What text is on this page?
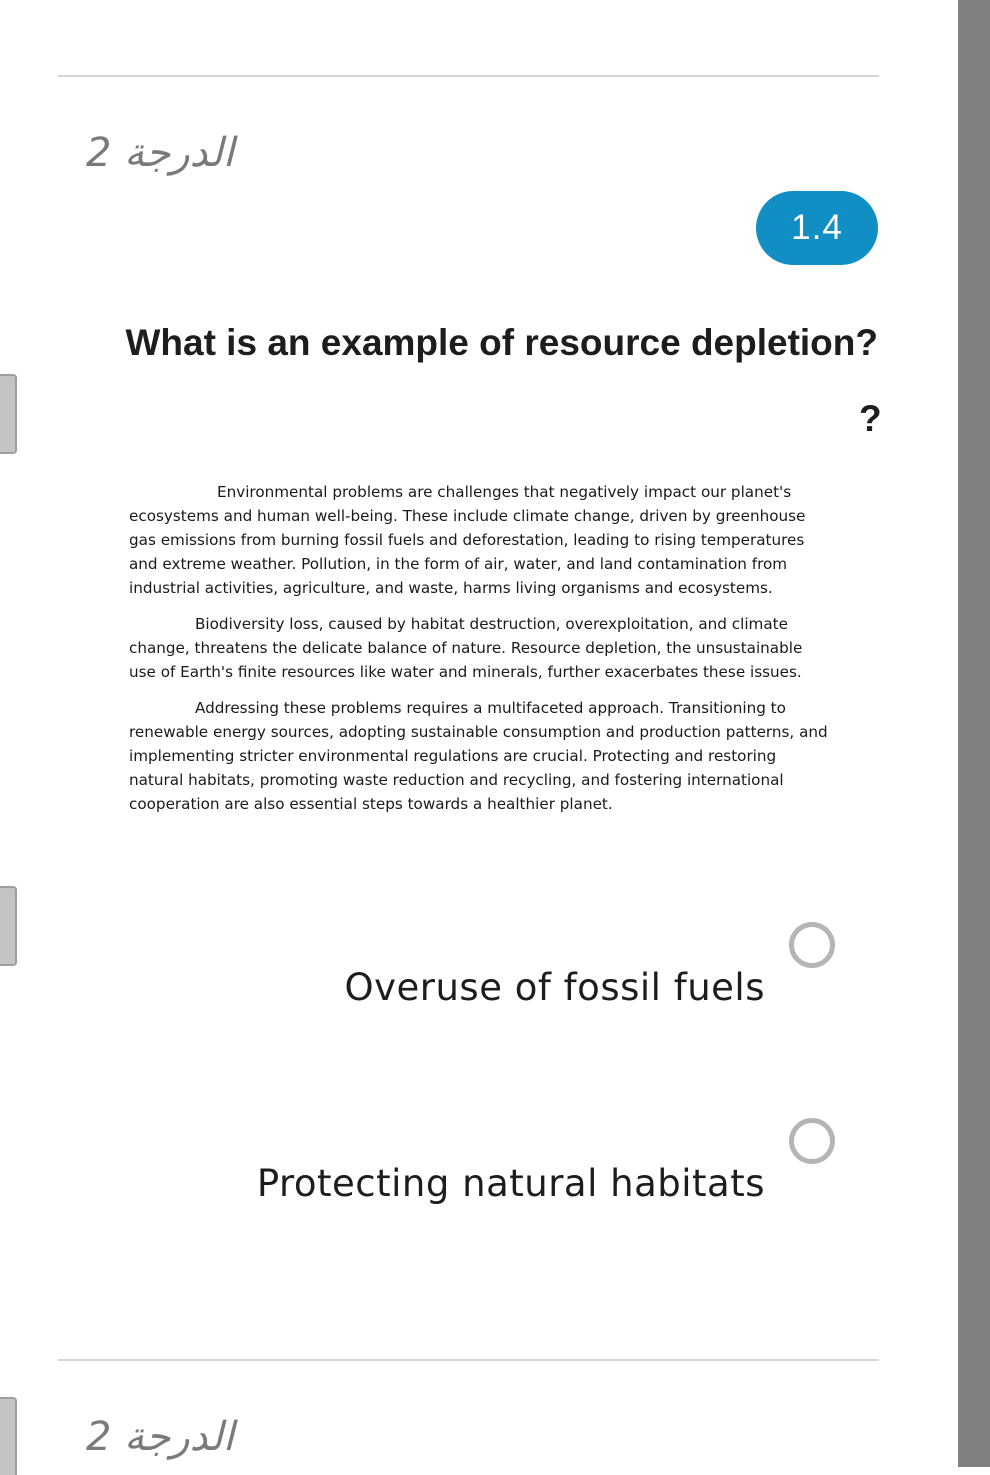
الدرجة 2
1.4
What is an example of resource depletion?
?

Environmental problems are challenges that negatively impact our planet's ecosystems and human well-being. These include climate change, driven by greenhouse gas emissions from burning fossil fuels and deforestation, leading to rising temperatures and extreme weather. Pollution, in the form of air, water, and land contamination from industrial activities, agriculture, and waste, harms living organisms and ecosystems.

Biodiversity loss, caused by habitat destruction, overexploitation, and climate change, threatens the delicate balance of nature. Resource depletion, the unsustainable use of Earth's finite resources like water and minerals, further exacerbates these issues.

Addressing these problems requires a multifaceted approach. Transitioning to renewable energy sources, adopting sustainable consumption and production patterns, and implementing stricter environmental regulations are crucial. Protecting and restoring natural habitats, promoting waste reduction and recycling, and fostering international cooperation are also essential steps towards a healthier planet.

Overuse of fossil fuels
Protecting natural habitats
الدرجة 2
